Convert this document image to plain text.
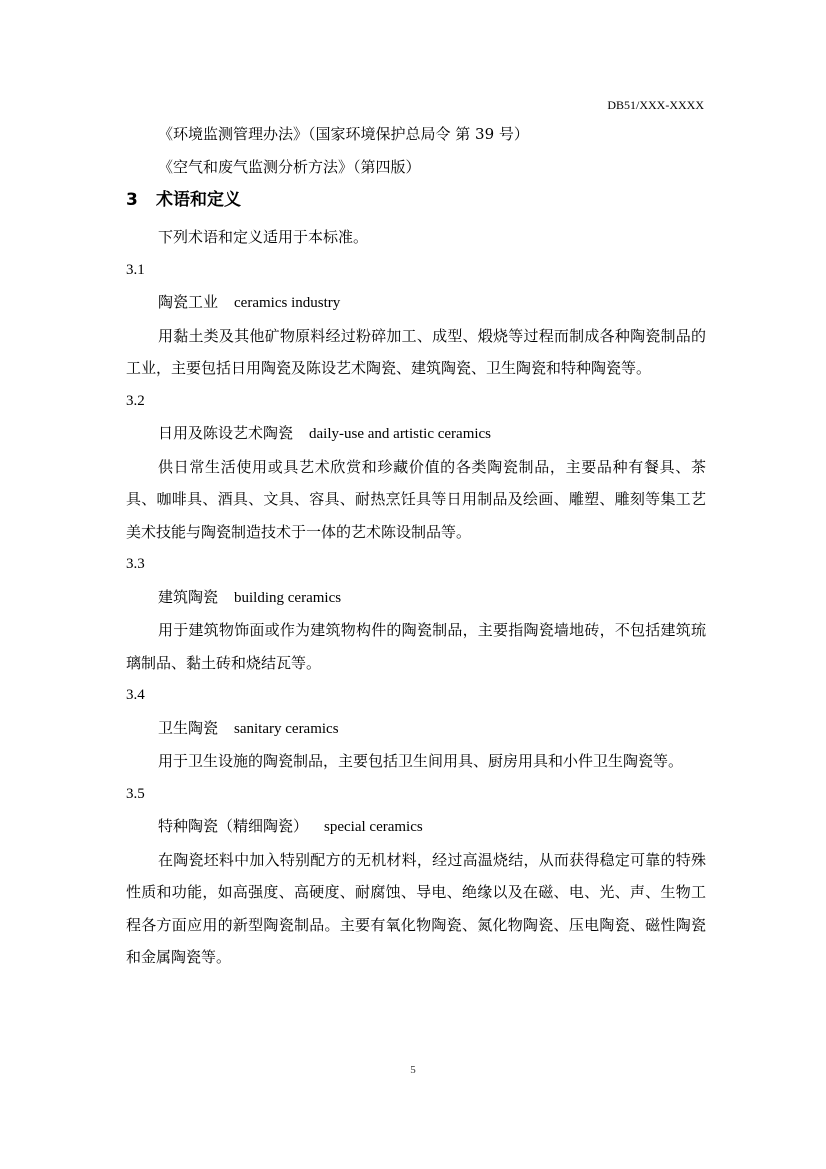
DB51/XXX-XXXX
《环境监测管理办法》（国家环境保护总局令 第 39 号）
《空气和废气监测分析方法》（第四版）
3 术语和定义
下列术语和定义适用于本标准。
3.1
陶瓷工业 ceramics industry
用黏土类及其他矿物原料经过粉碎加工、成型、煅烧等过程而制成各种陶瓷制品的工业，主要包括日用陶瓷及陈设艺术陶瓷、建筑陶瓷、卫生陶瓷和特种陶瓷等。
3.2
日用及陈设艺术陶瓷 daily-use and artistic ceramics
供日常生活使用或具艺术欣赏和珍藏价值的各类陶瓷制品，主要品种有餐具、茶具、咖啡具、酒具、文具、容具、耐热烹饪具等日用制品及绘画、雕塑、雕刻等集工艺美术技能与陶瓷制造技术于一体的艺术陈设制品等。
3.3
建筑陶瓷 building ceramics
用于建筑物饰面或作为建筑物构件的陶瓷制品，主要指陶瓷墙地砖，不包括建筑琉璃制品、黏土砖和烧结瓦等。
3.4
卫生陶瓷 sanitary ceramics
用于卫生设施的陶瓷制品，主要包括卫生间用具、厨房用具和小件卫生陶瓷等。
3.5
特种陶瓷（精细陶瓷） special ceramics
在陶瓷坯料中加入特别配方的无机材料，经过高温烧结，从而获得稳定可靠的特殊性质和功能，如高强度、高硬度、耐腐蚀、导电、绝缘以及在磁、电、光、声、生物工程各方面应用的新型陶瓷制品。主要有氧化物陶瓷、氮化物陶瓷、压电陶瓷、磁性陶瓷和金属陶瓷等。
5
